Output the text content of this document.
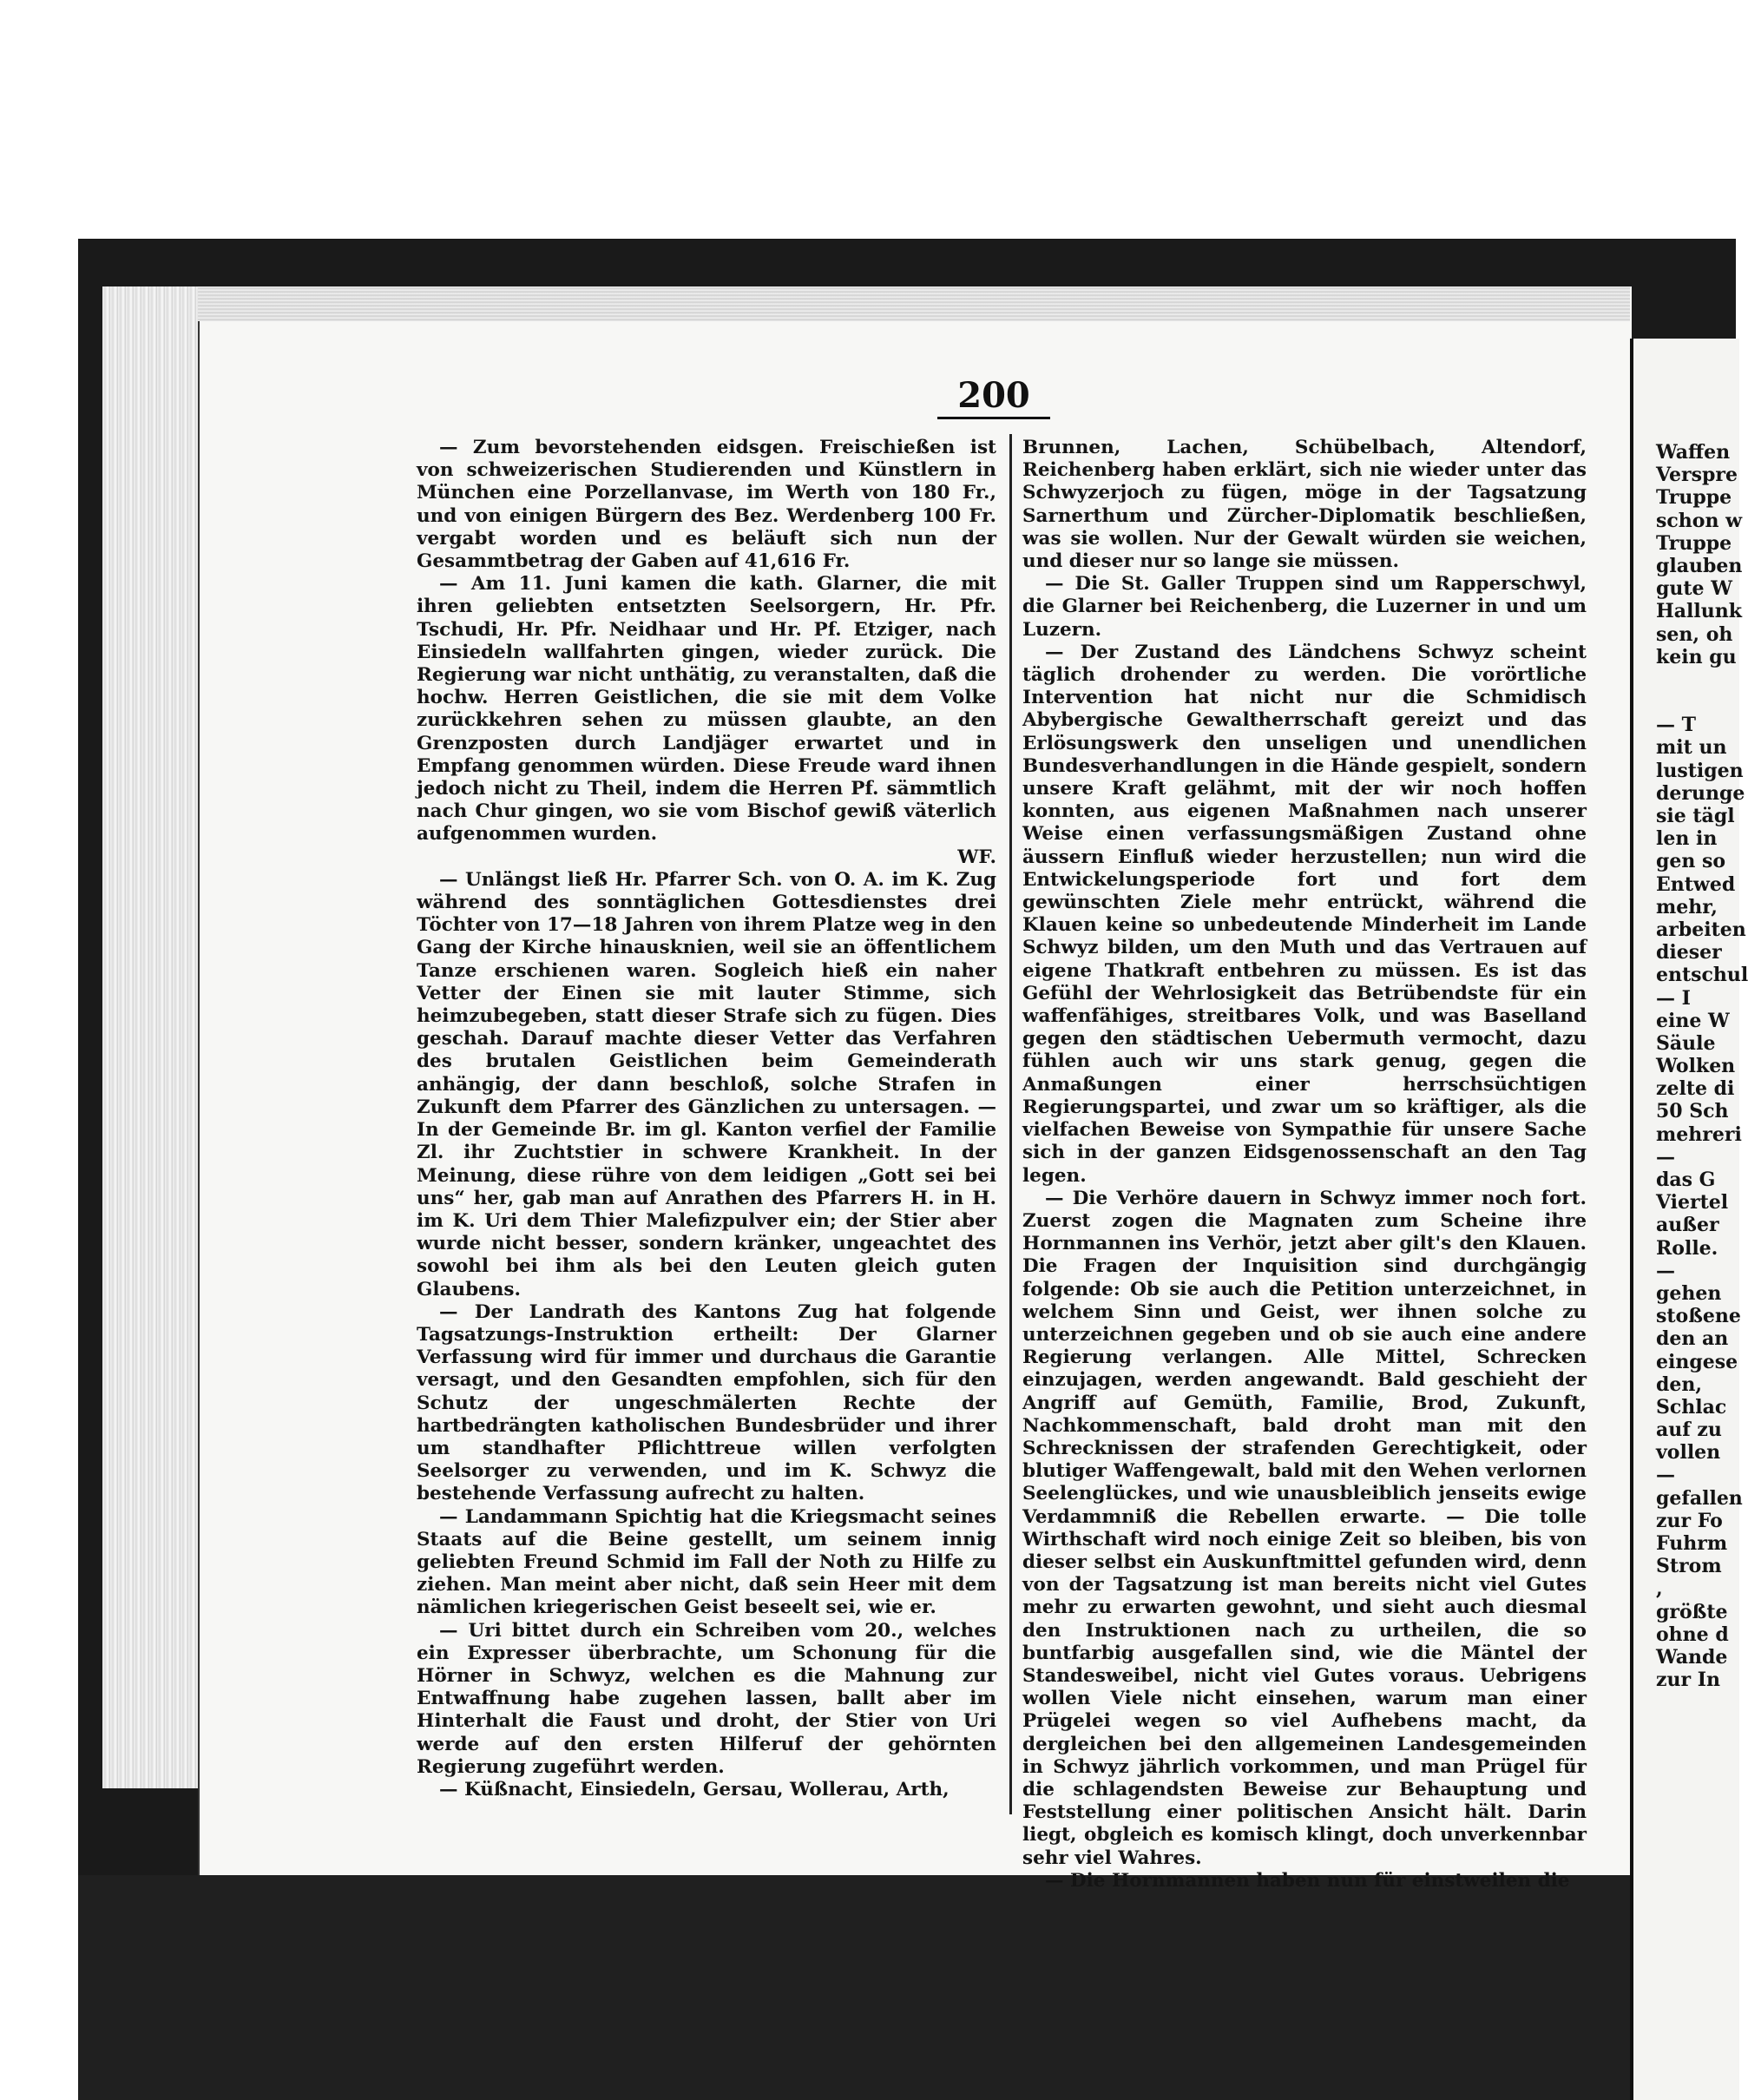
200

— Zum bevorstehenden eidsgen. Freischießen ist von schweizerischen Studierenden und Künstlern in München eine Porzellanvase, im Werth von 180 Fr., und von einigen Bürgern des Bez. Werdenberg 100 Fr. vergabt worden und es beläuft sich nun der Gesammtbetrag der Gaben auf 41,616 Fr.

— Am 11. Juni kamen die kath. Glarner, die mit ihren geliebten entsetzten Seelsorgern, Hr. Pfr. Tschudi, Hr. Pfr. Neidhaar und Hr. Pf. Etziger, nach Einsiedeln wallfahrten gingen, wieder zurück. Die Regierung war nicht unthätig, zu veranstalten, daß die hochw. Herren Geistlichen, die sie mit dem Volke zurückkehren sehen zu müssen glaubte, an den Grenzposten durch Landjäger erwartet und in Empfang genommen würden. Diese Freude ward ihnen jedoch nicht zu Theil, indem die Herren Pf. sämmtlich nach Chur gingen, wo sie vom Bischof gewiß väterlich aufgenommen wurden.

WF.

— Unlängst ließ Hr. Pfarrer Sch. von O. A. im K. Zug während des sonntäglichen Gottesdienstes drei Töchter von 17—18 Jahren von ihrem Platze weg in den Gang der Kirche hinausknien, weil sie an öffentlichem Tanze erschienen waren. Sogleich hieß ein naher Vetter der Einen sie mit lauter Stimme, sich heimzubegeben, statt dieser Strafe sich zu fügen. Dies geschah. Darauf machte dieser Vetter das Verfahren des brutalen Geistlichen beim Gemeinderath anhängig, der dann beschloß, solche Strafen in Zukunft dem Pfarrer des Gänzlichen zu untersagen. — In der Gemeinde Br. im gl. Kanton verfiel der Familie Zl. ihr Zuchtstier in schwere Krankheit. In der Meinung, diese rühre von dem leidigen „Gott sei bei uns“ her, gab man auf Anrathen des Pfarrers H. in H. im K. Uri dem Thier Malefizpulver ein; der Stier aber wurde nicht besser, sondern kränker, ungeachtet des sowohl bei ihm als bei den Leuten gleich guten Glaubens.

— Der Landrath des Kantons Zug hat folgende Tagsatzungs-Instruktion ertheilt: Der Glarner Verfassung wird für immer und durchaus die Garantie versagt, und den Gesandten empfohlen, sich für den Schutz der ungeschmälerten Rechte der hartbedrängten katholischen Bundesbrüder und ihrer um standhafter Pflichttreue willen verfolgten Seelsorger zu verwenden, und im K. Schwyz die bestehende Verfassung aufrecht zu halten.

— Landammann Spichtig hat die Kriegsmacht seines Staats auf die Beine gestellt, um seinem innig geliebten Freund Schmid im Fall der Noth zu Hilfe zu ziehen. Man meint aber nicht, daß sein Heer mit dem nämlichen kriegerischen Geist beseelt sei, wie er.

— Uri bittet durch ein Schreiben vom 20., welches ein Expresser überbrachte, um Schonung für die Hörner in Schwyz, welchen es die Mahnung zur Entwaffnung habe zugehen lassen, ballt aber im Hinterhalt die Faust und droht, der Stier von Uri werde auf den ersten Hilferuf der gehörnten Regierung zugeführt werden.

— Küßnacht, Einsiedeln, Gersau, Wollerau, Arth,

Brunnen, Lachen, Schübelbach, Altendorf, Reichenberg haben erklärt, sich nie wieder unter das Schwyzerjoch zu fügen, möge in der Tagsatzung Sarnerthum und Zürcher-Diplomatik beschließen, was sie wollen. Nur der Gewalt würden sie weichen, und dieser nur so lange sie müssen.

— Die St. Galler Truppen sind um Rapperschwyl, die Glarner bei Reichenberg, die Luzerner in und um Luzern.

— Der Zustand des Ländchens Schwyz scheint täglich drohender zu werden. Die vorörtliche Intervention hat nicht nur die Schmidisch Abybergische Gewaltherrschaft gereizt und das Erlösungswerk den unseligen und unendlichen Bundesverhandlungen in die Hände gespielt, sondern unsere Kraft gelähmt, mit der wir noch hoffen konnten, aus eigenen Maßnahmen nach unserer Weise einen verfassungsmäßigen Zustand ohne äussern Einfluß wieder herzustellen; nun wird die Entwickelungsperiode fort und fort dem gewünschten Ziele mehr entrückt, während die Klauen keine so unbedeutende Minderheit im Lande Schwyz bilden, um den Muth und das Vertrauen auf eigene Thatkraft entbehren zu müssen. Es ist das Gefühl der Wehrlosigkeit das Betrübendste für ein waffenfähiges, streitbares Volk, und was Baselland gegen den städtischen Uebermuth vermocht, dazu fühlen auch wir uns stark genug, gegen die Anmaßungen einer herrschsüchtigen Regierungspartei, und zwar um so kräftiger, als die vielfachen Beweise von Sympathie für unsere Sache sich in der ganzen Eidsgenossenschaft an den Tag legen.

— Die Verhöre dauern in Schwyz immer noch fort. Zuerst zogen die Magnaten zum Scheine ihre Hornmannen ins Verhör, jetzt aber gilt's den Klauen. Die Fragen der Inquisition sind durchgängig folgende: Ob sie auch die Petition unterzeichnet, in welchem Sinn und Geist, wer ihnen solche zu unterzeichnen gegeben und ob sie auch eine andere Regierung verlangen. Alle Mittel, Schrecken einzujagen, werden angewandt. Bald geschieht der Angriff auf Gemüth, Familie, Brod, Zukunft, Nachkommenschaft, bald droht man mit den Schrecknissen der strafenden Gerechtigkeit, oder blutiger Waffengewalt, bald mit den Wehen verlornen Seelenglückes, und wie unausbleiblich jenseits ewige Verdammniß die Rebellen erwarte. — Die tolle Wirthschaft wird noch einige Zeit so bleiben, bis von dieser selbst ein Auskunftmittel gefunden wird, denn von der Tagsatzung ist man bereits nicht viel Gutes mehr zu erwarten gewohnt, und sieht auch diesmal den Instruktionen nach zu urtheilen, die so buntfarbig ausgefallen sind, wie die Mäntel der Standesweibel, nicht viel Gutes voraus. Uebrigens wollen Viele nicht einsehen, warum man einer Prügelei wegen so viel Aufhebens macht, da dergleichen bei den allgemeinen Landesgemeinden in Schwyz jährlich vorkommen, und man Prügel für die schlagendsten Beweise zur Behauptung und Feststellung einer politischen Ansicht hält. Darin liegt, obgleich es komisch klingt, doch unverkennbar sehr viel Wahres.

— Die Hornmannen haben nun für einstweilen die

Waffen
Verspre
Truppe
schon w
Truppe
glauben
gute W
Hallunk
sen, oh
kein gu
— T
mit un
lustigen
derunge
sie tägl
len in
gen so
Entwed
mehr,
arbeiten
dieser
entschul
— I
eine W
Säule
Wolken
zelte di
50 Sch
mehreri
—
das G
Viertel
außer
Rolle.
—
gehen
stoßene
den an
eingese
den,
Schlac
auf zu
vollen
—
gefallen
zur Fo
Fuhrm
Strom
,
größte
ohne d
Wande
zur In
